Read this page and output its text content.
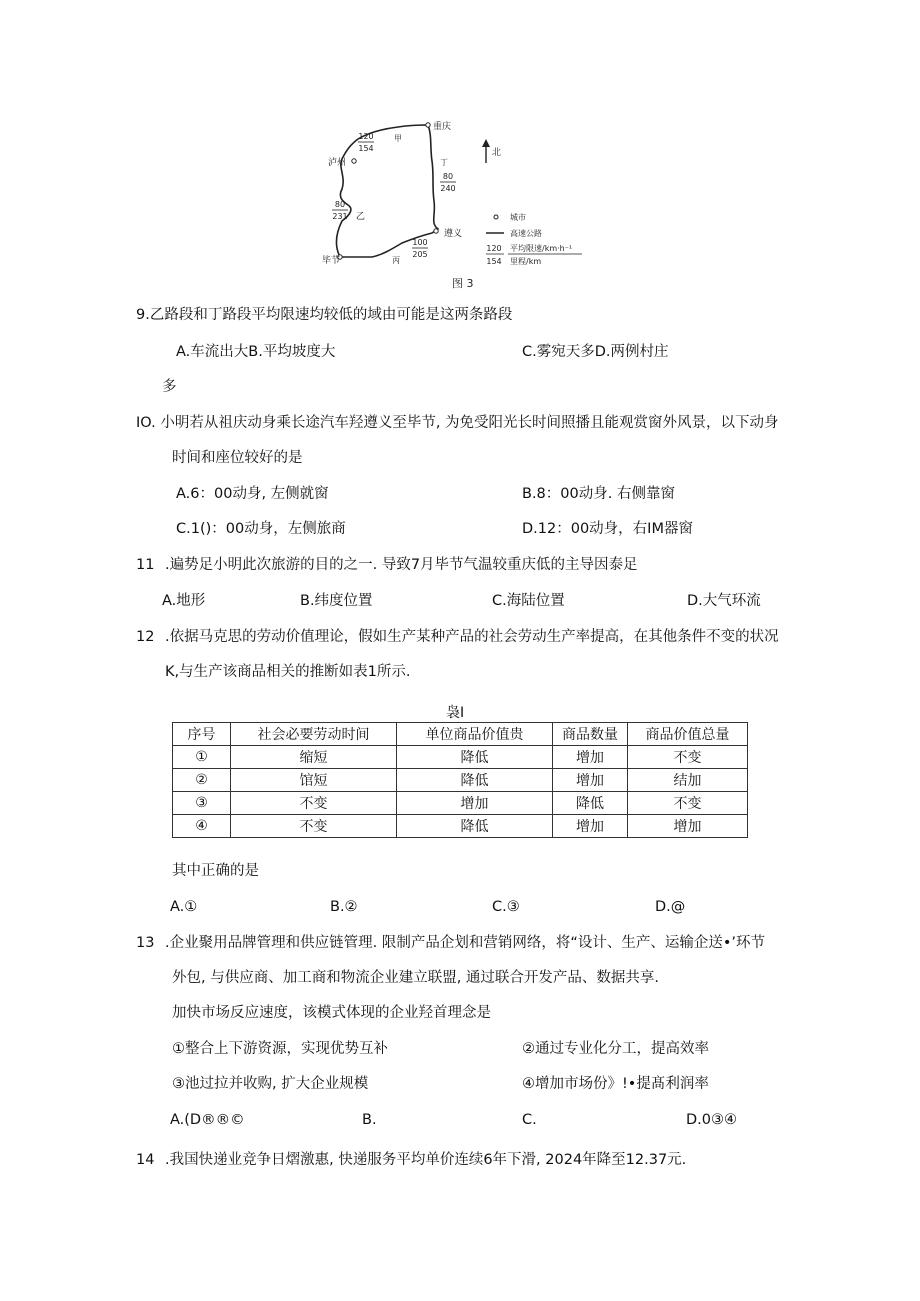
重庆
泸州
遵义
毕节
甲
丁
乙
丙
120
154
80
240
80
231
100
205
北
城市
高速公路
120
154
平均限速/km·h⁻¹
里程/km
图 3
9.乙路段和丁路段平均限速均较低的域由可能是这两条路段
A.车流出大B.平均坡度大	C.雾宛天多D.两例村庄
多
IO. 小明若从祖庆动身乘长途汽车羟遵义至毕节, 为免受阳光长时间照播且能观赏窗外风景，以下动身
时间和座位较好的是
A.6：00动身, 左侧就窗	B.8：00动身. 右侧靠窗
C.1()：00动身，左侧旅商	D.12：00动身，右IM器窗
11 .遍势足小明此次旅游的目的之一. 导致7月毕节气温较重庆低的主导因泰足
A.地形	B.纬度位置	C.海陆位置	D.大气环流
12 .依据马克思的劳动价值理论，假如生产某种产品的社会劳动生产率提高，在其他条件不变的状况
K,与生产该商品相关的推断如表1所示.
袅I
序号	社会必要劳动时间	单位商品价值贵	商品数量	商品价值总量
①	缩短	降低	增加	不变
②	馆短	降低	增加	结加
③	不变	增加	降低	不变
④	不变	降低	增加	增加
其中正确的是
A.①	B.②	C.③	D.@
13 .企业聚用品牌管理和供应链管理. 限制产品企划和营销网络，将“设计、生产、运输企送•’环节
外包, 与供应商、加工商和物流企业建立联盟, 通过联合开发产品、数据共享.
加快市场反应速度，该模式体现的企业羟首理念是
①整合上下游资源，实现优势互补	②通过专业化分工，提高效率
③池过拉并收购, 扩大企业规模	④增加市场份》!•提髙利润率
A.(D®®©	B.	C.	D.0③④
14 .我国快递业竞争日熠激惠, 快递服务平均单价连续6年下滑, 2024年降至12.37元.
